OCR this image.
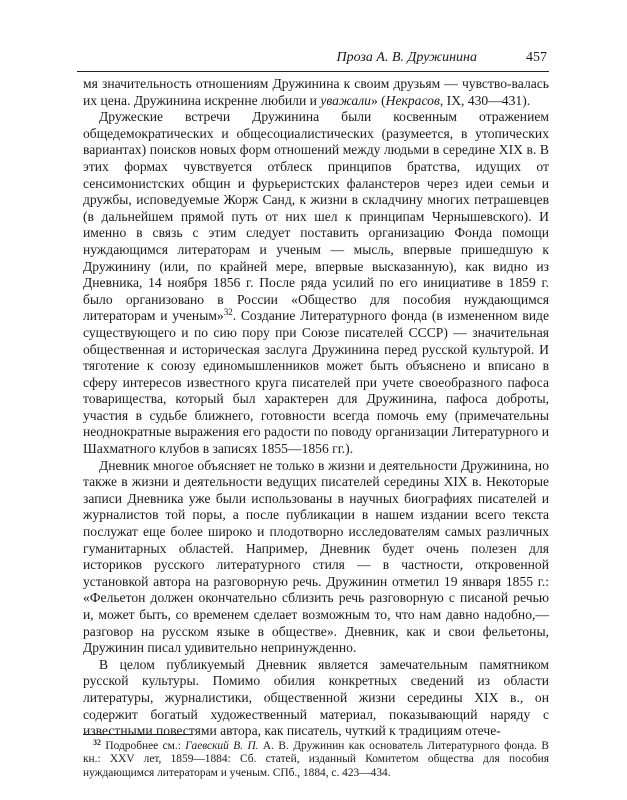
Проза А. В. Дружинина	457

мя значительность отношениям Дружинина к своим друзьям — чувство-валась их цена. Дружинина искренне любили и уважали» (Некрасов, IX, 430—431).

Дружеские встречи Дружинина были косвенным отражением общедемократических и общесоциалистических (разумеется, в утопических вариантах) поисков новых форм отношений между людьми в середине XIX в. В этих формах чувствуется отблеск принципов братства, идущих от сенсимонистских общин и фурьеристских фаланстеров через идеи семьи и дружбы, исповедуемые Жорж Санд, к жизни в складчину многих петрашевцев (в дальнейшем прямой путь от них шел к принципам Чернышевского). И именно в связь с этим следует поставить организацию Фонда помощи нуждающимся литераторам и ученым — мысль, впервые пришедшую к Дружинину (или, по крайней мере, впервые высказанную), как видно из Дневника, 14 ноября 1856 г. После ряда усилий по его инициативе в 1859 г. было организовано в России «Общество для пособия нуждающимся литераторам и ученым»$^{32}$. Создание Литературного фонда (в измененном виде существующего и по сию пору при Союзе писателей СССР) — значительная общественная и историческая заслуга Дружинина перед русской культурой. И тяготение к союзу единомышленников может быть объяснено и вписано в сферу интересов известного круга писателей при учете своеобразного пафоса товарищества, который был характерен для Дружинина, пафоса доброты, участия в судьбе ближнего, готовности всегда помочь ему (примечательны неоднократные выражения его радости по поводу организации Литературного и Шахматного клубов в записях 1855—1856 гг.).

Дневник многое объясняет не только в жизни и деятельности Дружинина, но также в жизни и деятельности ведущих писателей середины XIX в. Некоторые записи Дневника уже были использованы в научных биографиях писателей и журналистов той поры, а после публикации в нашем издании всего текста послужат еще более широко и плодотворно исследователям самых различных гуманитарных областей. Например, Дневник будет очень полезен для историков русского литературного стиля — в частности, откровенной установкой автора на разговорную речь. Дружинин отметил 19 января 1855 г.: «Фельетон должен окончательно сблизить речь разговорную с писаной речью и, может быть, со временем сделает возможным то, что нам давно надобно,— разговор на русском языке в обществе». Дневник, как и свои фельетоны, Дружинин писал удивительно непринужденно.

В целом публикуемый Дневник является замечательным памятником русской культуры. Помимо обилия конкретных сведений из области литературы, журналистики, общественной жизни середины XIX в., он содержит богатый художественный материал, показывающий наряду с известными повестями автора, как писатель, чуткий к традициям отече-

$^{32}$ Подробнее см.: Гаевский В. П. А. В. Дружинин как основатель Литературного фонда. В кн.: XXV лет, 1859—1884: Сб. статей, изданный Комитетом общества для пособия нуждающимся литераторам и ученым. СПб., 1884, с. 423—434.
